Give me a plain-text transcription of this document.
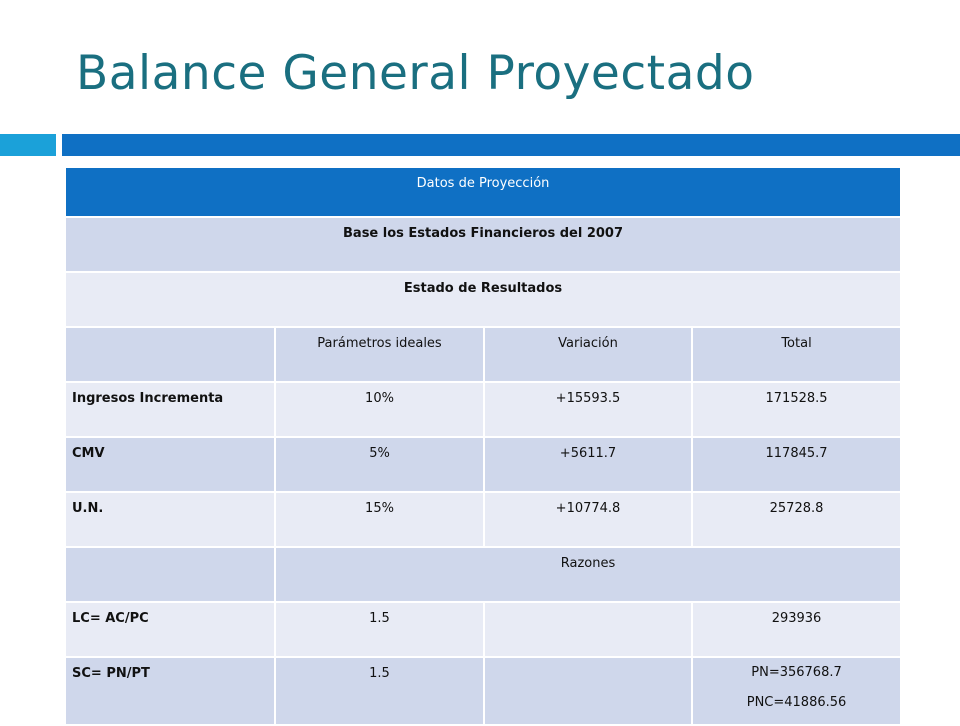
Balance General Proyectado
Datos de Proyección			
Base los Estados Financieros del 2007			
Estado de Resultados			
	Parámetros ideales	Variación	Total
Ingresos Incrementa	10%	+15593.5	171528.5
CMV	5%	+5611.7	117845.7
U.N.	15%	+10774.8	25728.8
	Razones		
LC= AC/PC	1.5		293936
SC= PN/PT	1.5		PN=356768.7
PNC=41886.56
